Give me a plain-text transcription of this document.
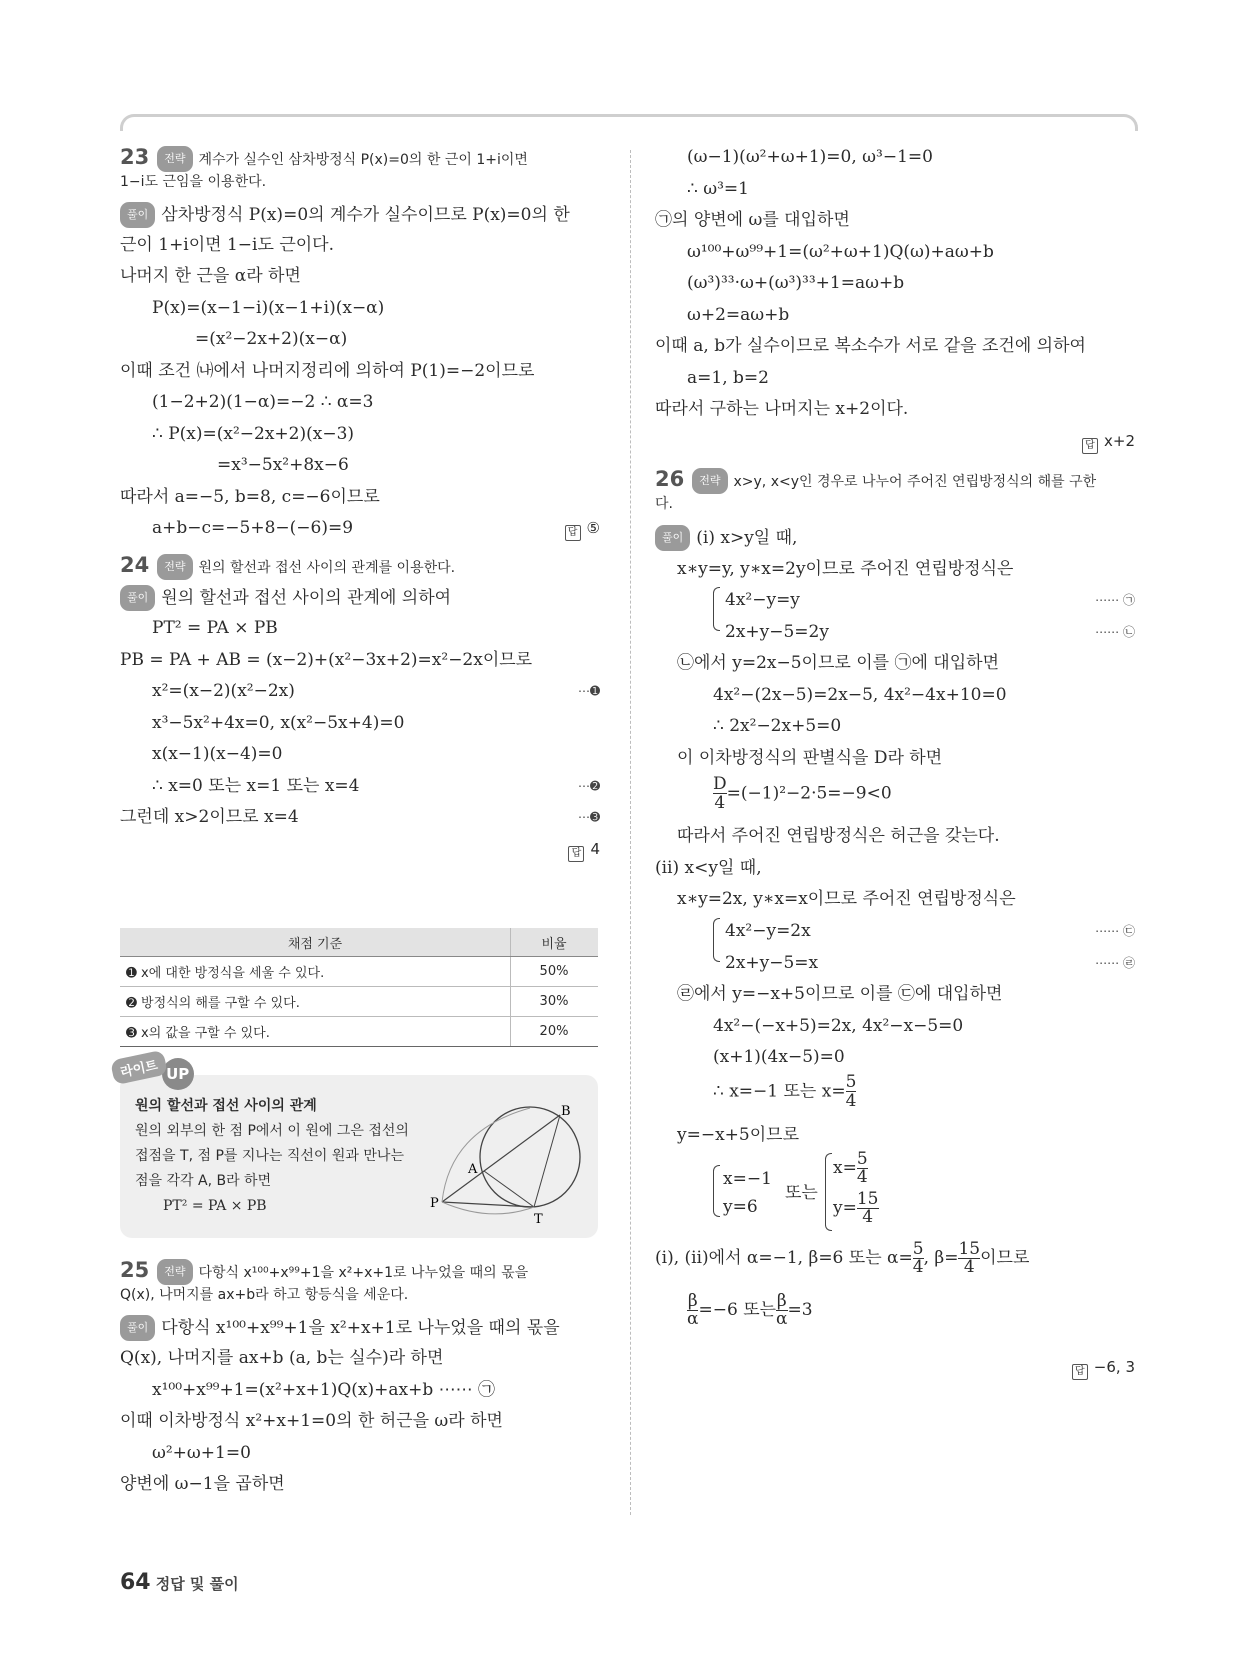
23 전략 계수가 실수인 삼차방정식 P(x)=0의 한 근이 1+i이면
1−i도 근임을 이용한다.
풀이 삼차방정식 P(x)=0의 계수가 실수이므로 P(x)=0의 한
근이 1+i이면 1−i도 근이다.
나머지 한 근을 α라 하면
P(x)=(x−1−i)(x−1+i)(x−α)
=(x²−2x+2)(x−α)
이때 조건 ㈏에서 나머지정리에 의하여 P(1)=−2이므로
(1−2+2)(1−α)=−2 ∴ α=3
∴ P(x)=(x²−2x+2)(x−3)
=x³−5x²+8x−6
따라서 a=−5, b=8, c=−6이므로
a+b−c=−5+8−(−6)=9	답 ⑤
24 전략 원의 할선과 접선 사이의 관계를 이용한다.
풀이 원의 할선과 접선 사이의 관계에 의하여
PT² = PA × PB
PB = PA + AB = (x−2)+(x²−3x+2)=x²−2x이므로
x²=(x−2)(x²−2x)	⋯➊
x³−5x²+4x=0, x(x²−5x+4)=0
x(x−1)(x−4)=0
∴ x=0 또는 x=1 또는 x=4	⋯➋
그런데 x>2이므로 x=4	⋯➌
답 4
채점 기준	비율
➊ x에 대한 방정식을 세울 수 있다.	50%
➋ 방정식의 해를 구할 수 있다.	30%
➌ x의 값을 구할 수 있다.	20%
라이트 UP
원의 할선과 접선 사이의 관계
원의 외부의 한 점 P에서 이 원에 그은 접선의
접점을 T, 점 P를 지나는 직선이 원과 만나는
점을 각각 A, B라 하면
PT² = PA × PB	P
A
B
T
25 전략 다항식 x¹⁰⁰+x⁹⁹+1을 x²+x+1로 나누었을 때의 몫을
Q(x), 나머지를 ax+b라 하고 항등식을 세운다.
풀이 다항식 x¹⁰⁰+x⁹⁹+1을 x²+x+1로 나누었을 때의 몫을
Q(x), 나머지를 ax+b (a, b는 실수)라 하면
x¹⁰⁰+x⁹⁹+1=(x²+x+1)Q(x)+ax+b ⋯⋯ ㉠
이때 이차방정식 x²+x+1=0의 한 허근을 ω라 하면
ω²+ω+1=0
양변에 ω−1을 곱하면
(ω−1)(ω²+ω+1)=0, ω³−1=0
∴ ω³=1
㉠의 양변에 ω를 대입하면
ω¹⁰⁰+ω⁹⁹+1=(ω²+ω+1)Q(ω)+aω+b
(ω³)³³·ω+(ω³)³³+1=aω+b
ω+2=aω+b
이때 a, b가 실수이므로 복소수가 서로 같을 조건에 의하여
a=1, b=2
따라서 구하는 나머지는 x+2이다.
답 x+2
26 전략 x>y, x<y인 경우로 나누어 주어진 연립방정식의 해를 구한
다.
풀이 (ⅰ) x>y일 때,
x∗y=y, y∗x=2y이므로 주어진 연립방정식은
4x²−y=y	⋯⋯ ㉠
2x+y−5=2y	⋯⋯ ㉡
㉡에서 y=2x−5이므로 이를 ㉠에 대입하면
4x²−(2x−5)=2x−5, 4x²−4x+10=0
∴ 2x²−2x+5=0
이 이차방정식의 판별식을 D라 하면
$\frac{D}{4} =(-1)^2-2\cdot 5=-9<0$
따라서 주어진 연립방정식은 허근을 갖는다.
(ⅱ) x<y일 때,
x∗y=2x, y∗x=x이므로 주어진 연립방정식은
4x²−y=2x	⋯⋯ ㉢
2x+y−5=x	⋯⋯ ㉣
㉣에서 y=−x+5이므로 이를 ㉢에 대입하면
4x²−(−x+5)=2x, 4x²−x−5=0
(x+1)(4x−5)=0
∴ x=−1 또는 $x= \frac{5}{4}$
y=−x+5이므로
x=−1
y=6
또는
$x= \frac{5}{4}$
$y= \frac{15}{4}$
(ⅰ), (ⅱ)에서 α=−1, β=6 또는 $\alpha= \frac{5}{4}$ , $\beta= \frac{15}{4}$ 이므로
$\frac{\beta}{\alpha} =-6$ 또는 $\frac{\beta}{\alpha} =3$
답 −6, 3
64 정답 및 풀이
